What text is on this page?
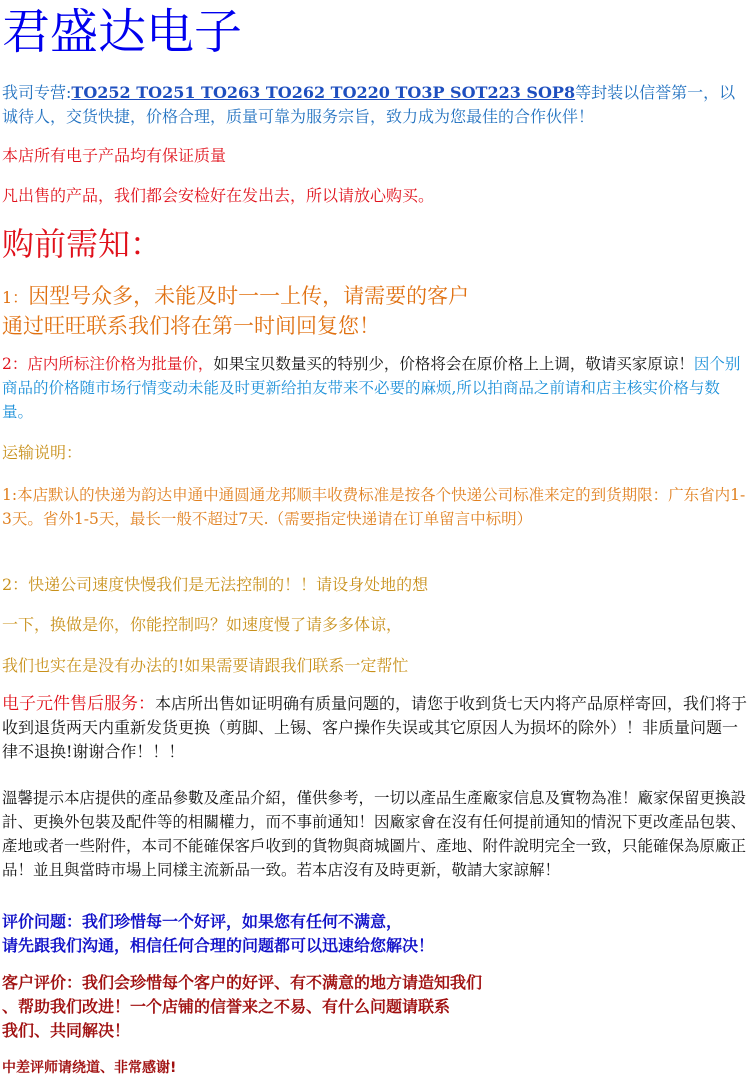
君盛达电子

我司专营:TO252 TO251 TO263 TO262 TO220 TO3P SOT223 SOP8等封装以信誉第一，以诚待人，交货快捷，价格合理，质量可靠为服务宗旨，致力成为您最佳的合作伙伴！

本店所有电子产品均有保证质量

凡出售的产品，我们都会安检好在发出去，所以请放心购买。

购前需知：
1：因型号众多，未能及时一一上传，请需要的客户
通过旺旺联系我们将在第一时间回复您！

2：店内所标注价格为批量价，如果宝贝数量买的特别少，价格将会在原价格上上调，敬请买家原谅！因个别商品的价格随市场行情变动未能及时更新给拍友带来不必要的麻烦,所以拍商品之前请和店主核实价格与数量。

运输说明：

1:本店默认的快递为韵达申通中通圆通龙邦顺丰收费标准是按各个快递公司标准来定的到货期限：广东省内1-3天。省外1-5天，最长一般不超过7天.（需要指定快递请在订单留言中标明）

2：快递公司速度快慢我们是无法控制的！！请设身处地的想

一下，换做是你，你能控制吗？如速度慢了请多多体谅，

我们也实在是没有办法的!如果需要请跟我们联系一定帮忙

电子元件售后服务：本店所出售如证明确有质量问题的，请您于收到货七天内将产品原样寄回，我们将于收到退货两天内重新发货更换（剪脚、上锡、客户操作失误或其它原因人为损坏的除外）！非质量问题一律不退换!谢谢合作！！！

溫馨提示本店提供的產品參數及產品介紹，僅供參考，一切以產品生產廠家信息及實物為准！廠家保留更換設計、更換外包裝及配件等的相關權力，而不事前通知！因廠家會在沒有任何提前通知的情況下更改產品包裝、產地或者一些附件，本司不能確保客戶收到的貨物與商城圖片、產地、附件說明完全一致，只能確保為原廠正品！並且與當時市場上同樣主流新品一致。若本店沒有及時更新，敬請大家諒解！

评价问题：我们珍惜每一个好评，如果您有任何不满意，
请先跟我们沟通，相信任何合理的问题都可以迅速给您解决！

客户评价：我们会珍惜每个客户的好评、有不满意的地方请造知我们
、帮助我们改进！一个店铺的信誉来之不易、有什么问题请联系
我们、共同解决！

中差评师请绕道、非常感谢!
